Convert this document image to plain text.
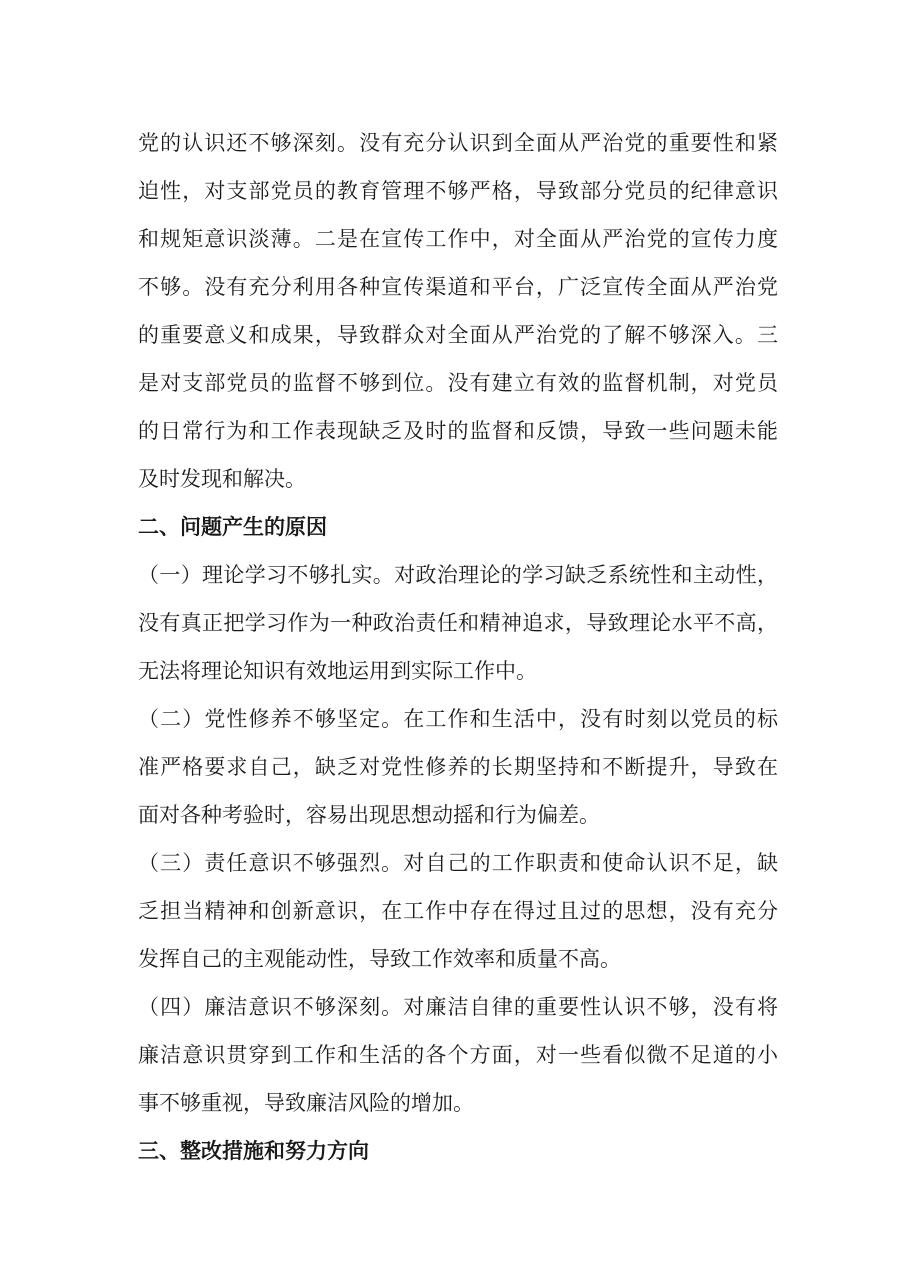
党的认识还不够深刻。没有充分认识到全面从严治党的重要性和紧
迫性，对支部党员的教育管理不够严格，导致部分党员的纪律意识
和规矩意识淡薄。二是在宣传工作中，对全面从严治党的宣传力度
不够。没有充分利用各种宣传渠道和平台，广泛宣传全面从严治党
的重要意义和成果，导致群众对全面从严治党的了解不够深入。三
是对支部党员的监督不够到位。没有建立有效的监督机制，对党员
的日常行为和工作表现缺乏及时的监督和反馈，导致一些问题未能
及时发现和解决。
二、问题产生的原因
（一）理论学习不够扎实。对政治理论的学习缺乏系统性和主动性，
没有真正把学习作为一种政治责任和精神追求，导致理论水平不高，
无法将理论知识有效地运用到实际工作中。
（二）党性修养不够坚定。在工作和生活中，没有时刻以党员的标
准严格要求自己，缺乏对党性修养的长期坚持和不断提升，导致在
面对各种考验时，容易出现思想动摇和行为偏差。
（三）责任意识不够强烈。对自己的工作职责和使命认识不足，缺
乏担当精神和创新意识，在工作中存在得过且过的思想，没有充分
发挥自己的主观能动性，导致工作效率和质量不高。
（四）廉洁意识不够深刻。对廉洁自律的重要性认识不够，没有将
廉洁意识贯穿到工作和生活的各个方面，对一些看似微不足道的小
事不够重视，导致廉洁风险的增加。
三、整改措施和努力方向
